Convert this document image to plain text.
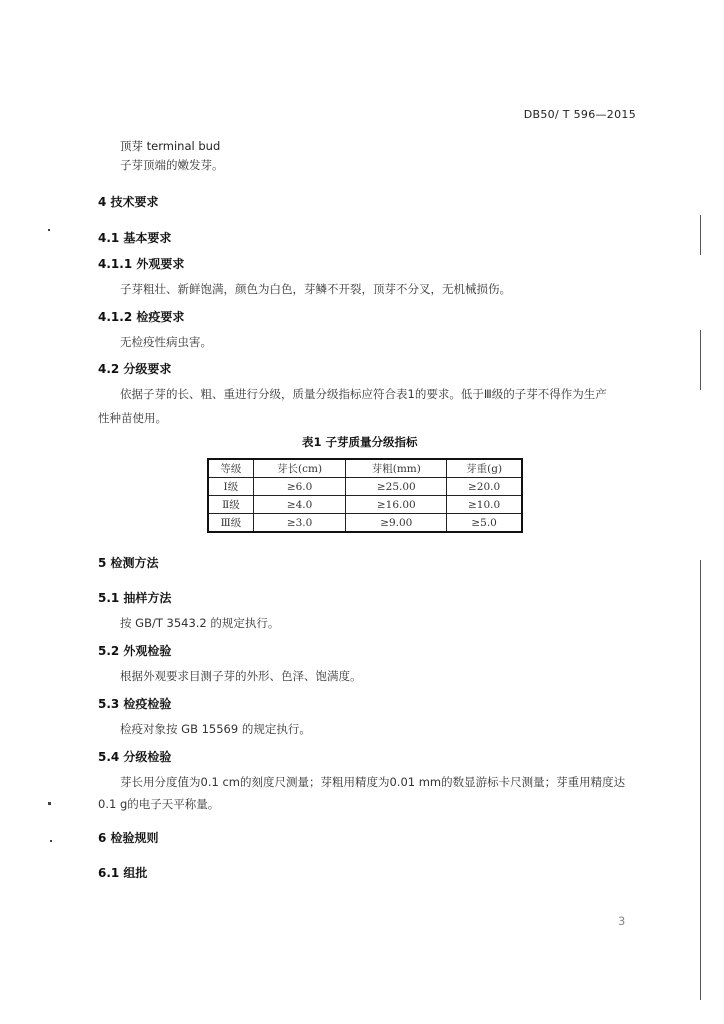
DB50/ T 596—2015
顶芽 terminal bud
子芽顶端的嫩发芽。
4 技术要求
4.1 基本要求
4.1.1 外观要求
子芽粗壮、新鲜饱满，颜色为白色，芽鳞不开裂，顶芽不分叉，无机械损伤。
4.1.2 检疫要求
无检疫性病虫害。
4.2 分级要求
依据子芽的长、粗、重进行分级，质量分级指标应符合表1的要求。低于Ⅲ级的子芽不得作为生产
性种苗使用。
表1 子芽质量分级指标
等级	芽长(cm)	芽粗(mm)	芽重(g)
Ⅰ级	≥6.0	≥25.00	≥20.0
Ⅱ级	≥4.0	≥16.00	≥10.0
Ⅲ级	≥3.0	≥9.00	≥5.0
5 检测方法
5.1 抽样方法
按 GB/T 3543.2 的规定执行。
5.2 外观检验
根据外观要求目测子芽的外形、色泽、饱满度。
5.3 检疫检验
检疫对象按 GB 15569 的规定执行。
5.4 分级检验
芽长用分度值为0.1 cm的刻度尺测量；芽粗用精度为0.01 mm的数显游标卡尺测量；芽重用精度达
0.1 g的电子天平称量。
6 检验规则
6.1 组批
3
